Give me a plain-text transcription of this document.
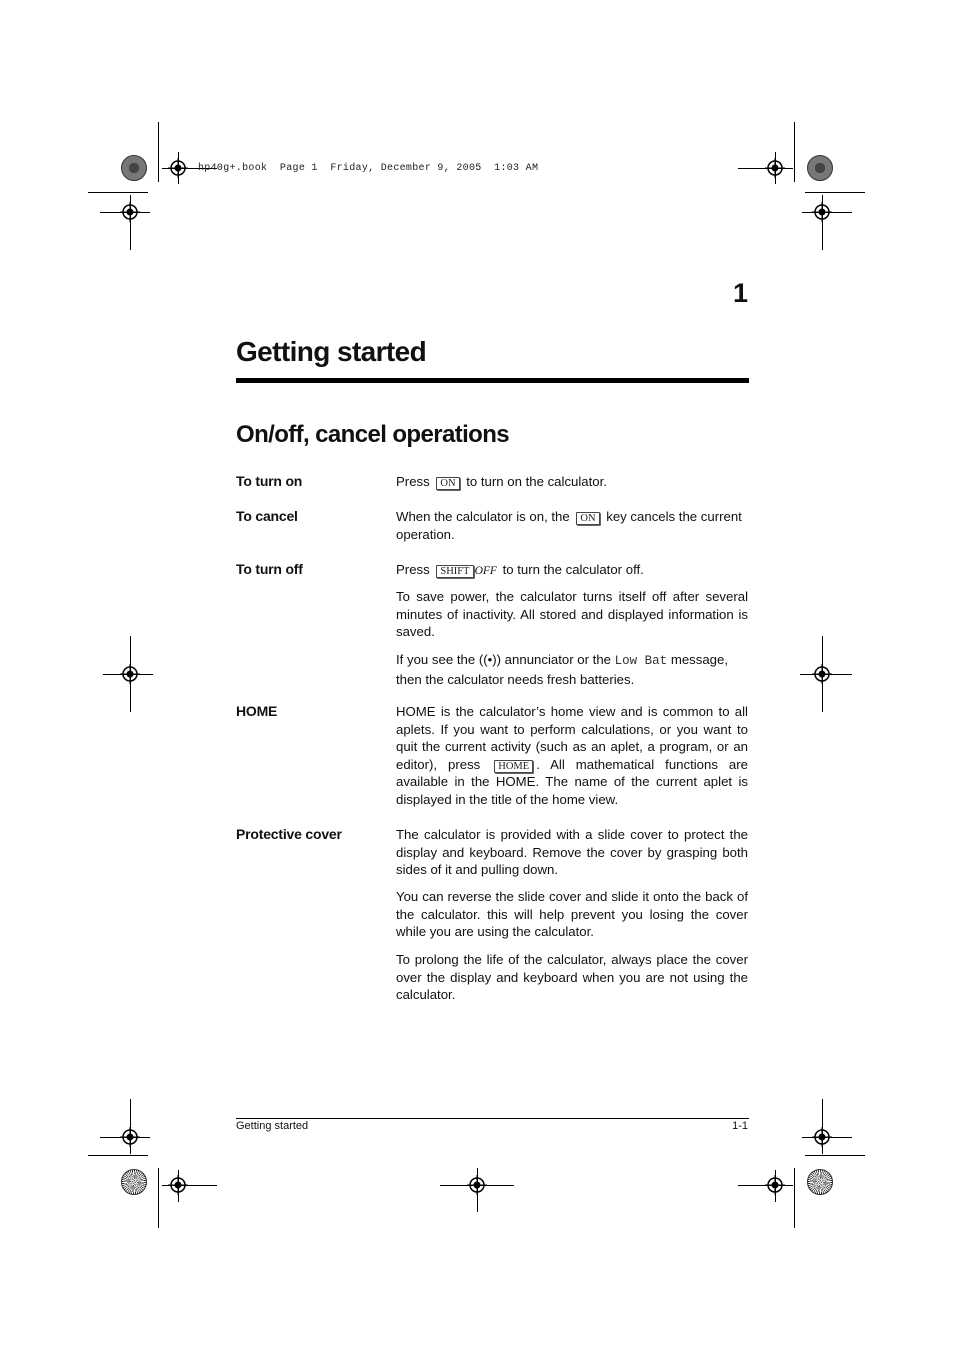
hp40g+.book  Page 1  Friday, December 9, 2005  1:03 AM
1
Getting started
On/off, cancel operations
To turn on	Press ON to turn on the calculator.
To cancel	When the calculator is on, the ON key cancels the current operation.
To turn off	Press SHIFT OFF to turn the calculator off.
To save power, the calculator turns itself off after several minutes of inactivity. All stored and displayed information is saved.
If you see the ((•)) annunciator or the Low Bat message, then the calculator needs fresh batteries.
HOME	HOME is the calculator’s home view and is common to all aplets. If you want to perform calculations, or you want to quit the current activity (such as an aplet, a program, or an editor), press HOME . All mathematical functions are available in the HOME. The name of the current aplet is displayed in the title of the home view.
Protective cover	The calculator is provided with a slide cover to protect the display and keyboard. Remove the cover by grasping both sides of it and pulling down.
You can reverse the slide cover and slide it onto the back of the calculator. this will help prevent you losing the cover while you are using the calculator.
To prolong the life of the calculator, always place the cover over the display and keyboard when you are not using the calculator.
Getting started	1-1
